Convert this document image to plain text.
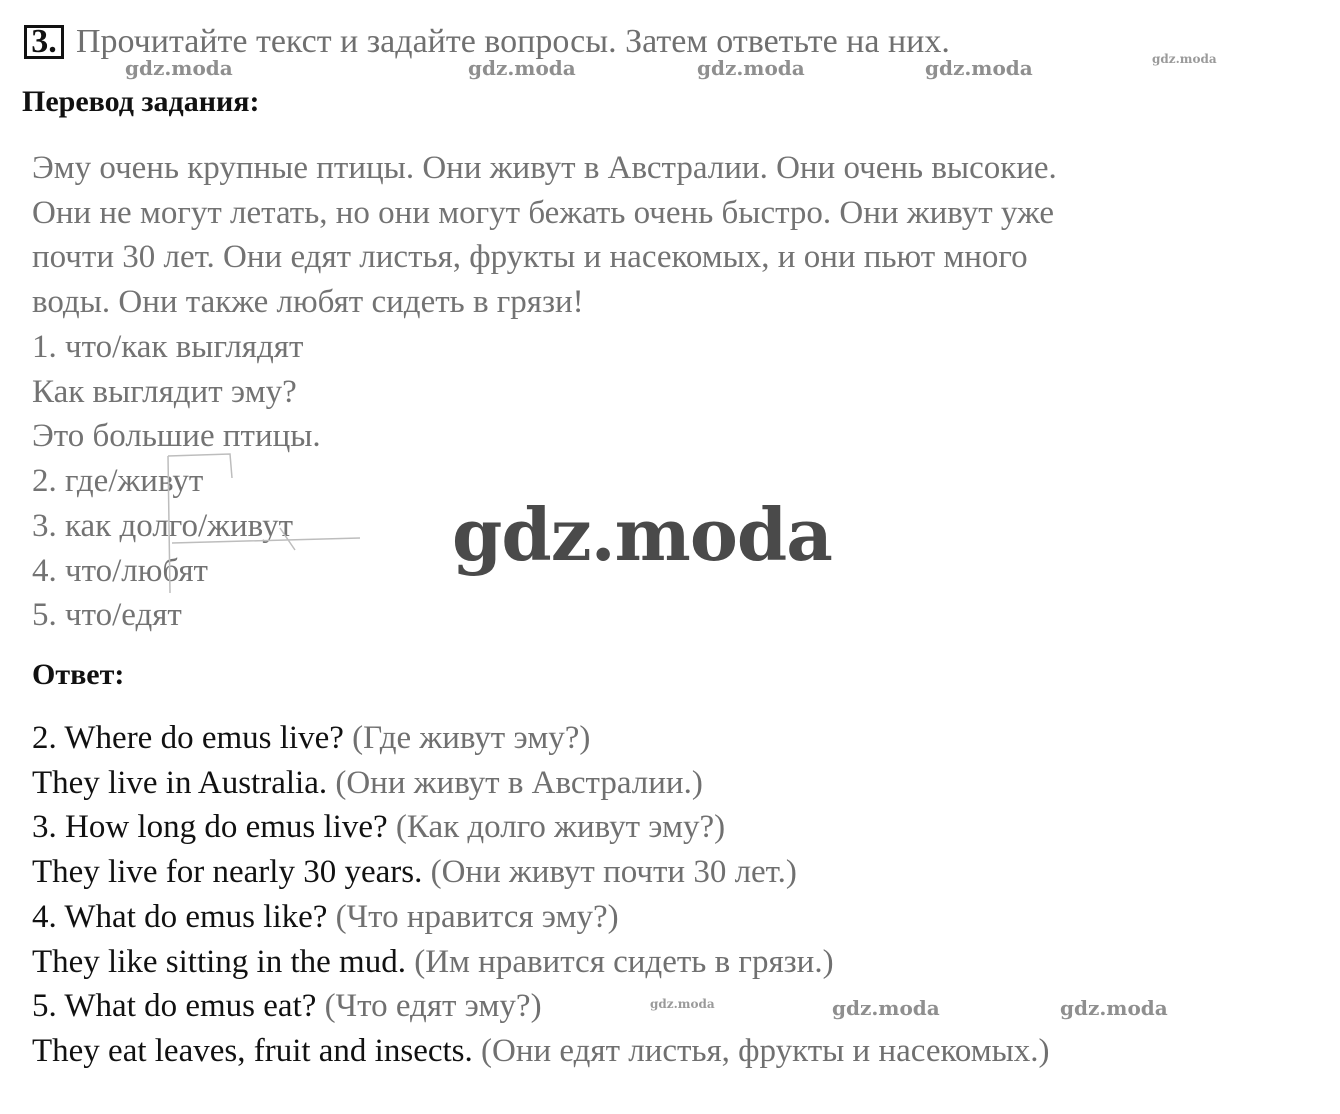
3. Прочитайте текст и задайте вопросы. Затем ответьте на них.
Перевод задания:
Эму очень крупные птицы. Они живут в Австралии. Они очень высокие.
Они не могут летать, но они могут бежать очень быстро. Они живут уже
почти 30 лет. Они едят листья, фрукты и насекомых, и они пьют много
воды. Они также любят сидеть в грязи!
1. что/как выглядят
Как выглядит эму?
Это большие птицы.
2. где/живут
3. как долго/живут
4. что/любят
5. что/едят
Ответ:
2. Where do emus live? (Где живут эму?)
They live in Australia. (Они живут в Австралии.)
3. How long do emus live? (Как долго живут эму?)
They live for nearly 30 years. (Они живут почти 30 лет.)
4. What do emus like? (Что нравится эму?)
They like sitting in the mud. (Им нравится сидеть в грязи.)
5. What do emus eat? (Что едят эму?)
They eat leaves, fruit and insects. (Они едят листья, фрукты и насекомых.)
gdz.moda	gdz.moda	gdz.moda	gdz.moda	gdz.moda
gdz.moda
gdz.moda	gdz.moda	gdz.moda
